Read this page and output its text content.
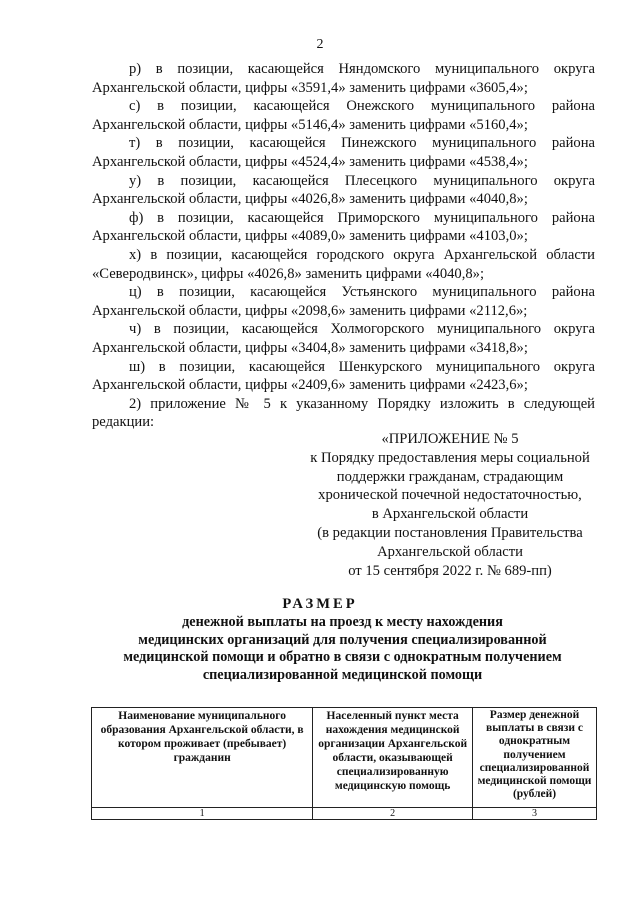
2
р) в позиции, касающейся Няндомского муниципального округа
Архангельской области, цифры «3591,4» заменить цифрами «3605,4»;
с) в позиции, касающейся Онежского муниципального района
Архангельской области, цифры «5146,4» заменить цифрами «5160,4»;
т) в позиции, касающейся Пинежского муниципального района
Архангельской области, цифры «4524,4» заменить цифрами «4538,4»;
у) в позиции, касающейся Плесецкого муниципального округа
Архангельской области, цифры «4026,8» заменить цифрами «4040,8»;
ф) в позиции, касающейся Приморского муниципального района
Архангельской области, цифры «4089,0» заменить цифрами «4103,0»;
х) в позиции, касающейся городского округа Архангельской области
«Северодвинск», цифры «4026,8» заменить цифрами «4040,8»;
ц) в позиции, касающейся Устьянского муниципального района
Архангельской области, цифры «2098,6» заменить цифрами «2112,6»;
ч) в позиции, касающейся Холмогорского муниципального округа
Архангельской области, цифры «3404,8» заменить цифрами «3418,8»;
ш) в позиции, касающейся Шенкурского муниципального округа
Архангельской области, цифры «2409,6» заменить цифрами «2423,6»;
2) приложение № 5 к указанному Порядку изложить в следующей
редакции:
«ПРИЛОЖЕНИЕ № 5
к Порядку предоставления меры социальной
поддержки гражданам, страдающим
хронической почечной недостаточностью,
в Архангельской области
(в редакции постановления Правительства
Архангельской области
от 15 сентября 2022 г. № 689-пп)
РАЗМЕР
денежной выплаты на проезд к месту нахождения
медицинских организаций для получения специализированной
медицинской помощи и обратно в связи с однократным получением
специализированной медицинской помощи
Наименование муниципального образования Архангельской области, в котором проживает (пребывает) гражданин	Населенный пункт места нахождения медицинской организации Архангельской области, оказывающей специализированную медицинскую помощь	Размер денежной выплаты в связи с однократным получением специализированной медицинской помощи (рублей)
1	2	3
